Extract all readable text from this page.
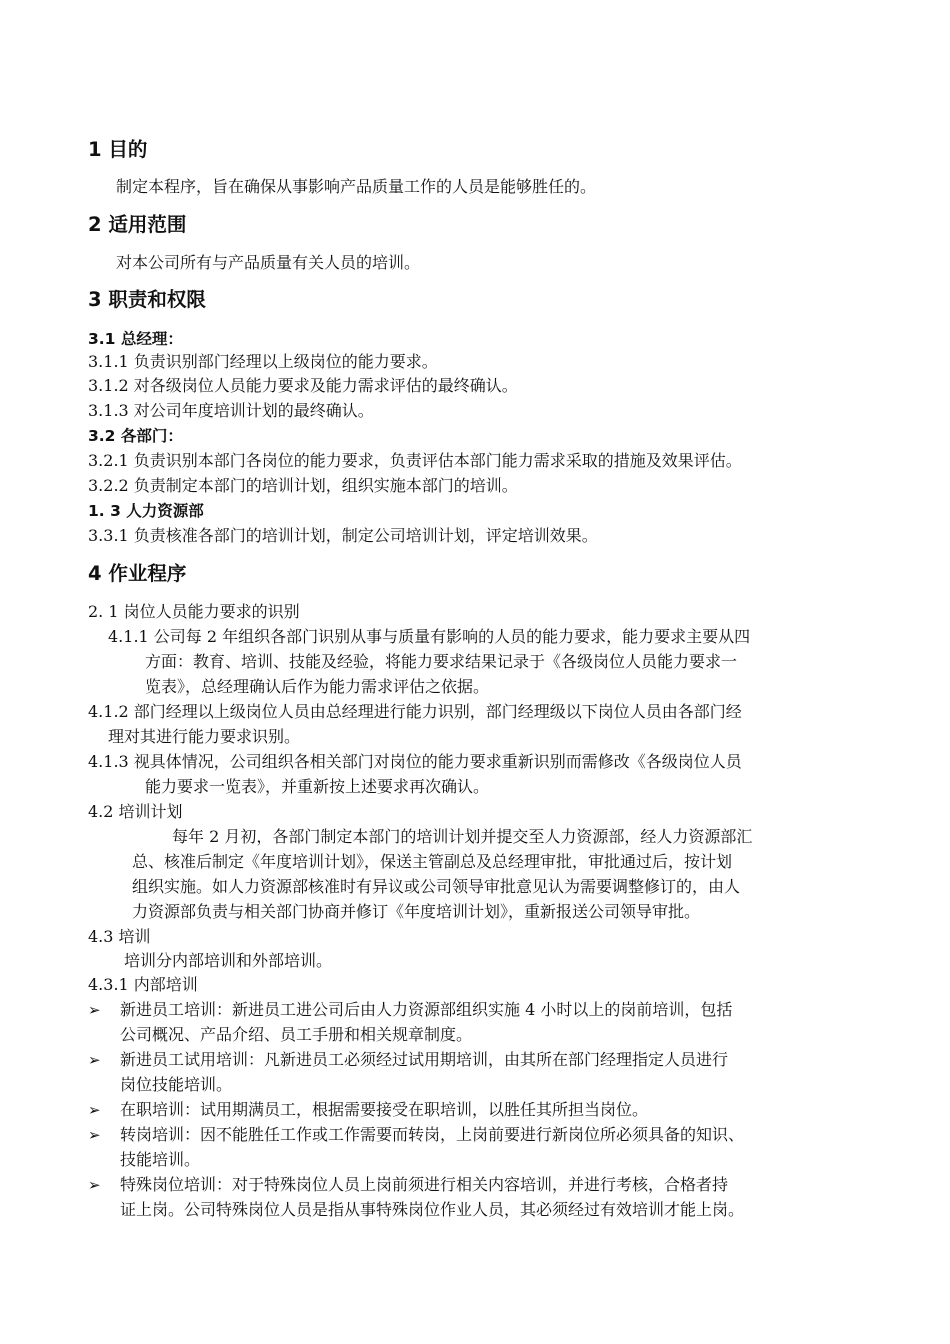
1 目的
制定本程序，旨在确保从事影响产品质量工作的人员是能够胜任的。
2 适用范围
对本公司所有与产品质量有关人员的培训。
3 职责和权限
3.1 总经理：
3.1.1 负责识别部门经理以上级岗位的能力要求。
3.1.2 对各级岗位人员能力要求及能力需求评估的最终确认。
3.1.3 对公司年度培训计划的最终确认。
3.2 各部门：
3.2.1 负责识别本部门各岗位的能力要求，负责评估本部门能力需求采取的措施及效果评估。
3.2.2 负责制定本部门的培训计划，组织实施本部门的培训。
1. 3 人力资源部
3.3.1 负责核准各部门的培训计划，制定公司培训计划，评定培训效果。
4 作业程序
2. 1 岗位人员能力要求的识别
4.1.1 公司每 2 年组织各部门识别从事与质量有影响的人员的能力要求，能力要求主要从四
方面：教育、培训、技能及经验，将能力要求结果记录于《各级岗位人员能力要求一
览表》，总经理确认后作为能力需求评估之依据。
4.1.2 部门经理以上级岗位人员由总经理进行能力识别，部门经理级以下岗位人员由各部门经
理对其进行能力要求识别。
4.1.3 视具体情况，公司组织各相关部门对岗位的能力要求重新识别而需修改《各级岗位人员
能力要求一览表》，并重新按上述要求再次确认。
4.2 培训计划
每年 2 月初，各部门制定本部门的培训计划并提交至人力资源部，经人力资源部汇
总、核准后制定《年度培训计划》，保送主管副总及总经理审批，审批通过后，按计划
组织实施。如人力资源部核准时有异议或公司领导审批意见认为需要调整修订的，由人
力资源部负责与相关部门协商并修订《年度培训计划》，重新报送公司领导审批。
4.3 培训
培训分内部培训和外部培训。
4.3.1 内部培训
➢ 新进员工培训：新进员工进公司后由人力资源部组织实施 4 小时以上的岗前培训，包括
公司概况、产品介绍、员工手册和相关规章制度。
➢ 新进员工试用培训：凡新进员工必须经过试用期培训，由其所在部门经理指定人员进行
岗位技能培训。
➢ 在职培训：试用期满员工，根据需要接受在职培训，以胜任其所担当岗位。
➢ 转岗培训：因不能胜任工作或工作需要而转岗，上岗前要进行新岗位所必须具备的知识、
技能培训。
➢ 特殊岗位培训：对于特殊岗位人员上岗前须进行相关内容培训，并进行考核，合格者持
证上岗。公司特殊岗位人员是指从事特殊岗位作业人员，其必须经过有效培训才能上岗。
